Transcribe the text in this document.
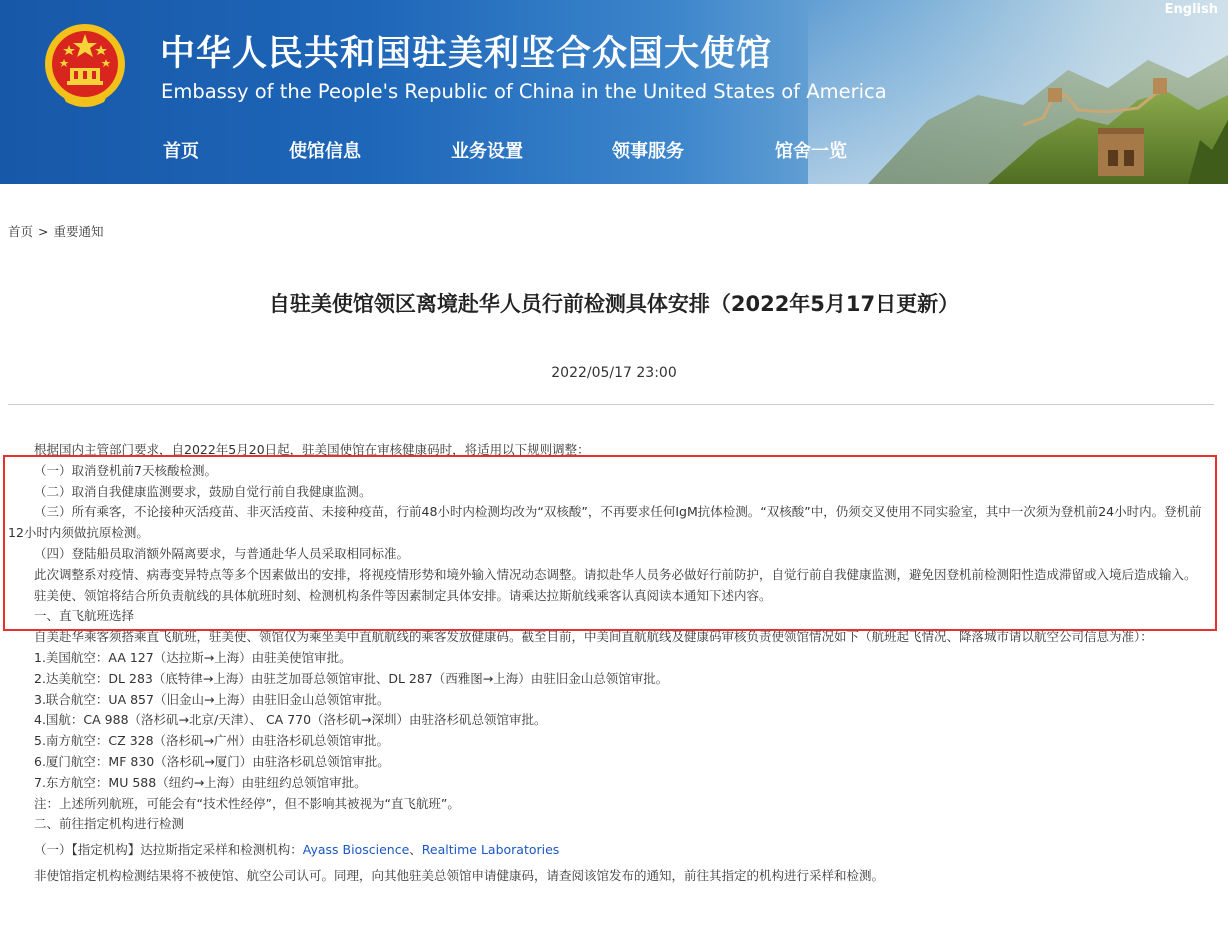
中华人民共和国驻美利坚合众国大使馆
Embassy of the People's Republic of China in the United States of America
English
首页	使馆信息	业务设置	领事服务	馆舍一览
首页 > 重要通知
自驻美使馆领区离境赴华人员行前检测具体安排（2022年5月17日更新）
2022/05/17 23:00

根据国内主管部门要求，自2022年5月20日起，驻美国使馆在审核健康码时，将适用以下规则调整：

（一）取消登机前7天核酸检测。

（二）取消自我健康监测要求，鼓励自觉行前自我健康监测。

（三）所有乘客，不论接种灭活疫苗、非灭活疫苗、未接种疫苗，行前48小时内检测均改为“双核酸”，不再要求任何IgM抗体检测。“双核酸”中，仍须交叉使用不同实验室，其中一次须为登机前24小时内。登机前12小时内须做抗原检测。

（四）登陆船员取消额外隔离要求，与普通赴华人员采取相同标准。

此次调整系对疫情、病毒变异特点等多个因素做出的安排，将视疫情形势和境外输入情况动态调整。请拟赴华人员务必做好行前防护，自觉行前自我健康监测，避免因登机前检测阳性造成滞留或入境后造成输入。

驻美使、领馆将结合所负责航线的具体航班时刻、检测机构条件等因素制定具体安排。请乘达拉斯航线乘客认真阅读本通知下述内容。

一、直飞航班选择

自美赴华乘客须搭乘直飞航班，驻美使、领馆仅为乘坐美中直航航线的乘客发放健康码。截至目前，中美间直航航线及健康码审核负责使领馆情况如下（航班起飞情况、降落城市请以航空公司信息为准）：

1.美国航空：AA 127（达拉斯→上海）由驻美使馆审批。

2.达美航空：DL 283（底特律→上海）由驻芝加哥总领馆审批、DL 287（西雅图→上海）由驻旧金山总领馆审批。

3.联合航空：UA 857（旧金山→上海）由驻旧金山总领馆审批。

4.国航：CA 988（洛杉矶→北京/天津）、 CA 770（洛杉矶→深圳）由驻洛杉矶总领馆审批。

5.南方航空：CZ 328（洛杉矶→广州）由驻洛杉矶总领馆审批。

6.厦门航空：MF 830（洛杉矶→厦门）由驻洛杉矶总领馆审批。

7.东方航空：MU 588（纽约→上海）由驻纽约总领馆审批。

注：上述所列航班，可能会有“技术性经停”，但不影响其被视为“直飞航班”。

二、前往指定机构进行检测

（一）【指定机构】达拉斯指定采样和检测机构：Ayass Bioscience、Realtime Laboratories

非使馆指定机构检测结果将不被使馆、航空公司认可。同理，向其他驻美总领馆申请健康码，请查阅该馆发布的通知，前往其指定的机构进行采样和检测。
